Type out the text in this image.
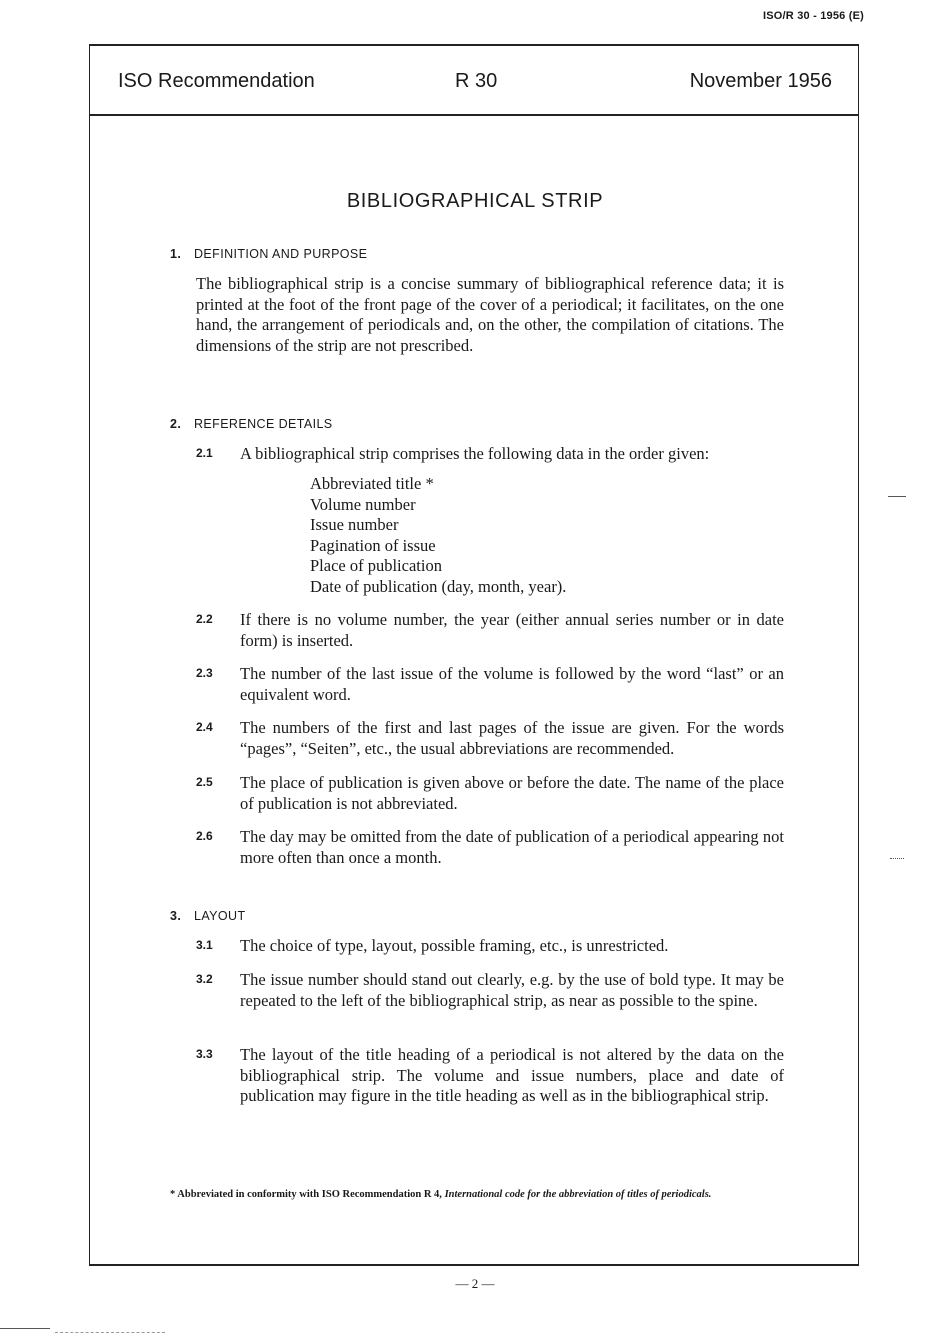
ISO/R 30 - 1956 (E)
ISO Recommendation	R 30	November 1956
BIBLIOGRAPHICAL STRIP
1. DEFINITION AND PURPOSE
The bibliographical strip is a concise summary of bibliographical reference data; it is printed at the foot of the front page of the cover of a periodical; it facilitates, on the one hand, the arrangement of periodicals and, on the other, the compilation of citations. The dimensions of the strip are not prescribed.
2. REFERENCE DETAILS
2.1	A bibliographical strip comprises the following data in the order given:
Abbreviated title *
Volume number
Issue number
Pagination of issue
Place of publication
Date of publication (day, month, year).
2.2	If there is no volume number, the year (either annual series number or in date form) is inserted.
2.3	The number of the last issue of the volume is followed by the word “last” or an equivalent word.
2.4	The numbers of the first and last pages of the issue are given. For the words “pages”, “Seiten”, etc., the usual abbreviations are recommended.
2.5	The place of publication is given above or before the date. The name of the place of publication is not abbreviated.
2.6	The day may be omitted from the date of publication of a periodical appearing not more often than once a month.
3. LAYOUT
3.1	The choice of type, layout, possible framing, etc., is unrestricted.
3.2	The issue number should stand out clearly, e.g. by the use of bold type. It may be repeated to the left of the bibliographical strip, as near as possible to the spine.
3.3	The layout of the title heading of a periodical is not altered by the data on the bibliographical strip. The volume and issue numbers, place and date of publication may figure in the title heading as well as in the bibliographical strip.
* Abbreviated in conformity with ISO Recommendation R 4, International code for the abbreviation of titles of periodicals.
— 2 —
